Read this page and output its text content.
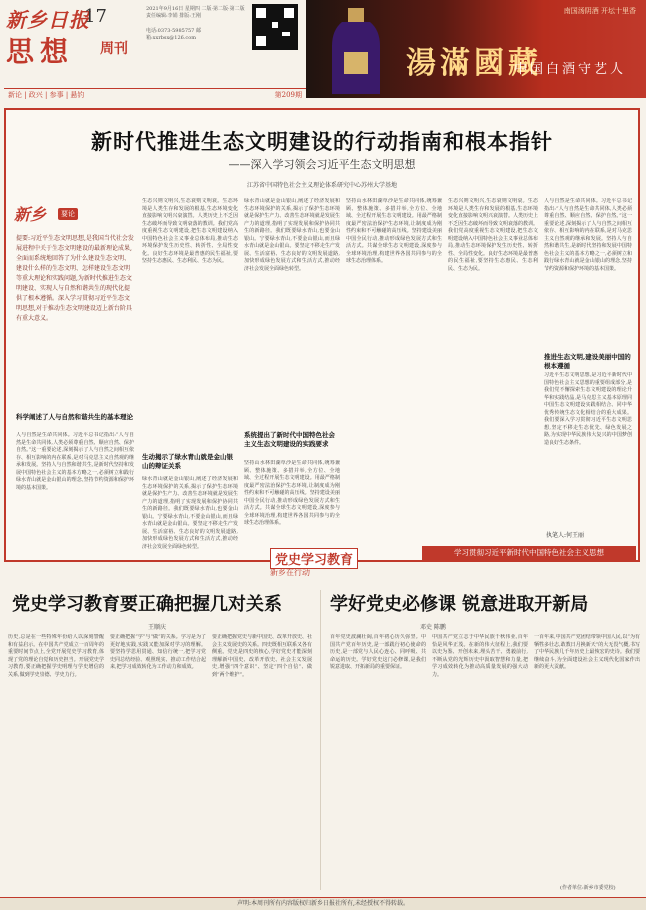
新乡日报
17
思想 周刊
2021年9月16日 星期四 二版·第二版·第二版 责任编辑:李娟 排版:王刚
电话:0373-5985757 邮箱:xxrbsx@126.com
新论 | 政兴 | 参事 | 悬钓	第209期
南国汤阴酒 开坛十里香
湯滿國藏
中国白酒守艺人
新时代推进生态文明建设的行动指南和根本指针
——深入学习领会习近平生态文明思想
江苏省中国特色社会主义理论体系研究中心苏州大学基地
新乡	要论
提要:习近平生态文明思想,是我国当代社会发展进程中关于生态文明建设的最新理论成果,全面而系统地回答了为什么建设生态文明、建设什么样的生态文明、怎样建设生态文明等重大理论和实践问题,为新时代推进生态文明建设、实现人与自然和谐共生的现代化提供了根本遵循。深入学习贯彻习近平生态文明思想,对于推动生态文明建设迈上新台阶具有重大意义。
科学阐述了人与自然和谐共生的基本理论
人与自然是生命共同体。习近平总书记指出:“人与自然是生命共同体,人类必须尊重自然、顺应自然、保护自然。”这一重要论述,深刻揭示了人与自然之间相互依存、相互影响的内在联系,是对马克思主义自然观的继承和发展。坚持人与自然和谐共生,是新时代坚持和发展中国特色社会主义的基本方略之一,必须树立和践行绿水青山就是金山银山的理念,坚持节约资源和保护环境的基本国策。
生态兴则文明兴,生态衰则文明衰。生态环境是人类生存和发展的根基,生态环境变化直接影响文明兴衰演替。人类历史上不乏因生态破坏而导致文明衰落的教训。我们党高度重视生态文明建设,把生态文明建设纳入中国特色社会主义事业总体布局,推动生态环境保护发生历史性、转折性、全局性变化。良好生态环境是最普惠的民生福祉,要坚持生态惠民、生态利民、生态为民。
生动揭示了绿水青山就是金山银山的辩证关系
绿水青山就是金山银山,阐述了经济发展和生态环境保护的关系,揭示了保护生态环境就是保护生产力、改善生态环境就是发展生产力的道理,指明了实现发展和保护协同共生的新路径。我们既要绿水青山,也要金山银山。宁要绿水青山,不要金山银山,而且绿水青山就是金山银山。要坚定不移走生产发展、生活富裕、生态良好的文明发展道路,加快形成绿色发展方式和生活方式,推动经济社会发展全面绿色转型。
绿水青山就是金山银山,阐述了经济发展和生态环境保护的关系,揭示了保护生态环境就是保护生产力、改善生态环境就是发展生产力的道理,指明了实现发展和保护协同共生的新路径。我们既要绿水青山,也要金山银山。宁要绿水青山,不要金山银山,而且绿水青山就是金山银山。要坚定不移走生产发展、生活富裕、生态良好的文明发展道路,加快形成绿色发展方式和生活方式,推动经济社会发展全面绿色转型。
系统提出了新时代中国特色社会主义生态文明建设的实践要求
坚持山水林田湖草沙是生命共同体,统筹兼顾、整体施策、多措并举,全方位、全地域、全过程开展生态文明建设。用最严格制度最严密法治保护生态环境,让制度成为刚性约束和不可触碰的高压线。坚持建设美丽中国全民行动,推动形成绿色发展方式和生活方式。共谋全球生态文明建设,深度参与全球环境治理,构建世界各国共同参与的全球生态治理体系。
坚持山水林田湖草沙是生命共同体,统筹兼顾、整体施策、多措并举,全方位、全地域、全过程开展生态文明建设。用最严格制度最严密法治保护生态环境,让制度成为刚性约束和不可触碰的高压线。坚持建设美丽中国全民行动,推动形成绿色发展方式和生活方式。共谋全球生态文明建设,深度参与全球环境治理,构建世界各国共同参与的全球生态治理体系。
生态兴则文明兴,生态衰则文明衰。生态环境是人类生存和发展的根基,生态环境变化直接影响文明兴衰演替。人类历史上不乏因生态破坏而导致文明衰落的教训。我们党高度重视生态文明建设,把生态文明建设纳入中国特色社会主义事业总体布局,推动生态环境保护发生历史性、转折性、全局性变化。良好生态环境是最普惠的民生福祉,要坚持生态惠民、生态利民、生态为民。
推进生态文明,建设美丽中国的根本遵循
人与自然是生命共同体。习近平总书记指出:“人与自然是生命共同体,人类必须尊重自然、顺应自然、保护自然。”这一重要论述,深刻揭示了人与自然之间相互依存、相互影响的内在联系,是对马克思主义自然观的继承和发展。坚持人与自然和谐共生,是新时代坚持和发展中国特色社会主义的基本方略之一,必须树立和践行绿水青山就是金山银山的理念,坚持节约资源和保护环境的基本国策。
习近平生态文明思想,是习近平新时代中国特色社会主义思想的重要组成部分,是我们党不懈探索生态文明建设的理论升华和实践结晶,是马克思主义基本原理同中国生态文明建设实践相结合、同中华优秀传统生态文化相结合的重大成果。我们要深入学习贯彻习近平生态文明思想,坚定不移走生态优先、绿色发展之路,为实现中华民族伟大复兴的中国梦创造良好生态条件。
执笔人:何王丽
学习贯彻习近平新时代中国特色社会主义思想
党史学习教育
新乡在行动
党史学习教育要正确把握几对关系
王顺庆
历史,总是在一些特殊年份给人以深刻警醒和有益启示。在中国共产党成立一百周年的重要时间节点上,全党开展党史学习教育,体现了党的理论自觉和历史担当。开展党史学习教育,要正确把握学史明理与学史增信的关系,做到学史崇德、学史力行。
要正确把握“学”与“做”的关系。学习是为了更好地实践,实践又能加深对学习的理解。要坚持学思用贯通、知信行统一,把学习党史同总结经验、观照现实、推动工作结合起来,把学习成效转化为工作动力和成效。
要正确把握党史与新中国史、改革开放史、社会主义发展史的关系。四史既相互联系又各有侧重。党史是四史的核心,学好党史才能深刻理解新中国史、改革开放史、社会主义发展史,增强“四个意识”、坚定“四个自信”、做到“两个维护”。
学好党史必修课 锐意进取开新局
邓史 陈鹏
百年党史波澜壮阔,百年初心历久弥坚。中国共产党百年历史,是一部践行初心使命的历史,是一部党与人民心连心、同呼吸、共命运的历史。学好党史这门必修课,是我们锐意进取、开拓新局的重要保证。
中国共产党立志于中华民族千秋伟业,百年恰是风华正茂。在新的伟大征程上,我们要以史为鉴、开创未来,埋头苦干、勇毅前行,不断从党的光辉历史中汲取智慧和力量,把学习成效转化为推动高质量发展的强大动力。
一百年来,中国共产党团结带领中国人民,以“为有牺牲多壮志,敢教日月换新天”的大无畏气概,书写了中华民族几千年历史上最恢宏的史诗。我们要继续奋斗,为全面建设社会主义现代化国家作出新的更大贡献。
(作者单位:新乡市委党校)
声明:本周刊所有内容版权归新乡日报社所有,未经授权不得转载。
